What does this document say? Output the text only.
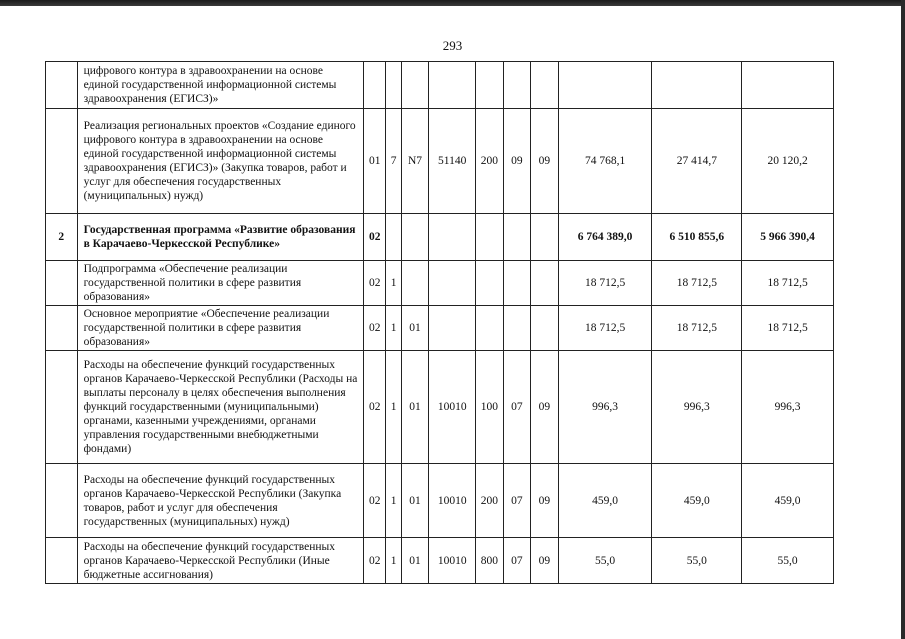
293
	цифрового контура в здравоохранении на основе единой государственной информационной системы здравоохранения (ЕГИСЗ)»										
	Реализация региональных проектов «Создание единого цифрового контура в здравоохранении на основе единой государственной информационной системы здравоохранения (ЕГИСЗ)» (Закупка товаров, работ и услуг для обеспечения государственных (муниципальных) нужд)	01	7	N7	51140	200	09	09	74 768,1	27 414,7	20 120,2
2	Государственная программа «Развитие образования в Карачаево-Черкесской Республике»	02							6 764 389,0	6 510 855,6	5 966 390,4
	Подпрограмма «Обеспечение реализации государственной политики в сфере развития образования»	02	1						18 712,5	18 712,5	18 712,5
	Основное мероприятие «Обеспечение реализации государственной политики в сфере развития образования»	02	1	01					18 712,5	18 712,5	18 712,5
	Расходы на обеспечение функций государственных органов Карачаево-Черкесской Республики (Расходы на выплаты персоналу в целях обеспечения выполнения функций государственными (муниципальными) органами, казенными учреждениями, органами управления государственными внебюджетными фондами)	02	1	01	10010	100	07	09	996,3	996,3	996,3
	Расходы на обеспечение функций государственных органов Карачаево-Черкесской Республики (Закупка товаров, работ и услуг для обеспечения государственных (муниципальных) нужд)	02	1	01	10010	200	07	09	459,0	459,0	459,0
	Расходы на обеспечение функций государственных органов Карачаево-Черкесской Республики (Иные бюджетные ассигнования)	02	1	01	10010	800	07	09	55,0	55,0	55,0
